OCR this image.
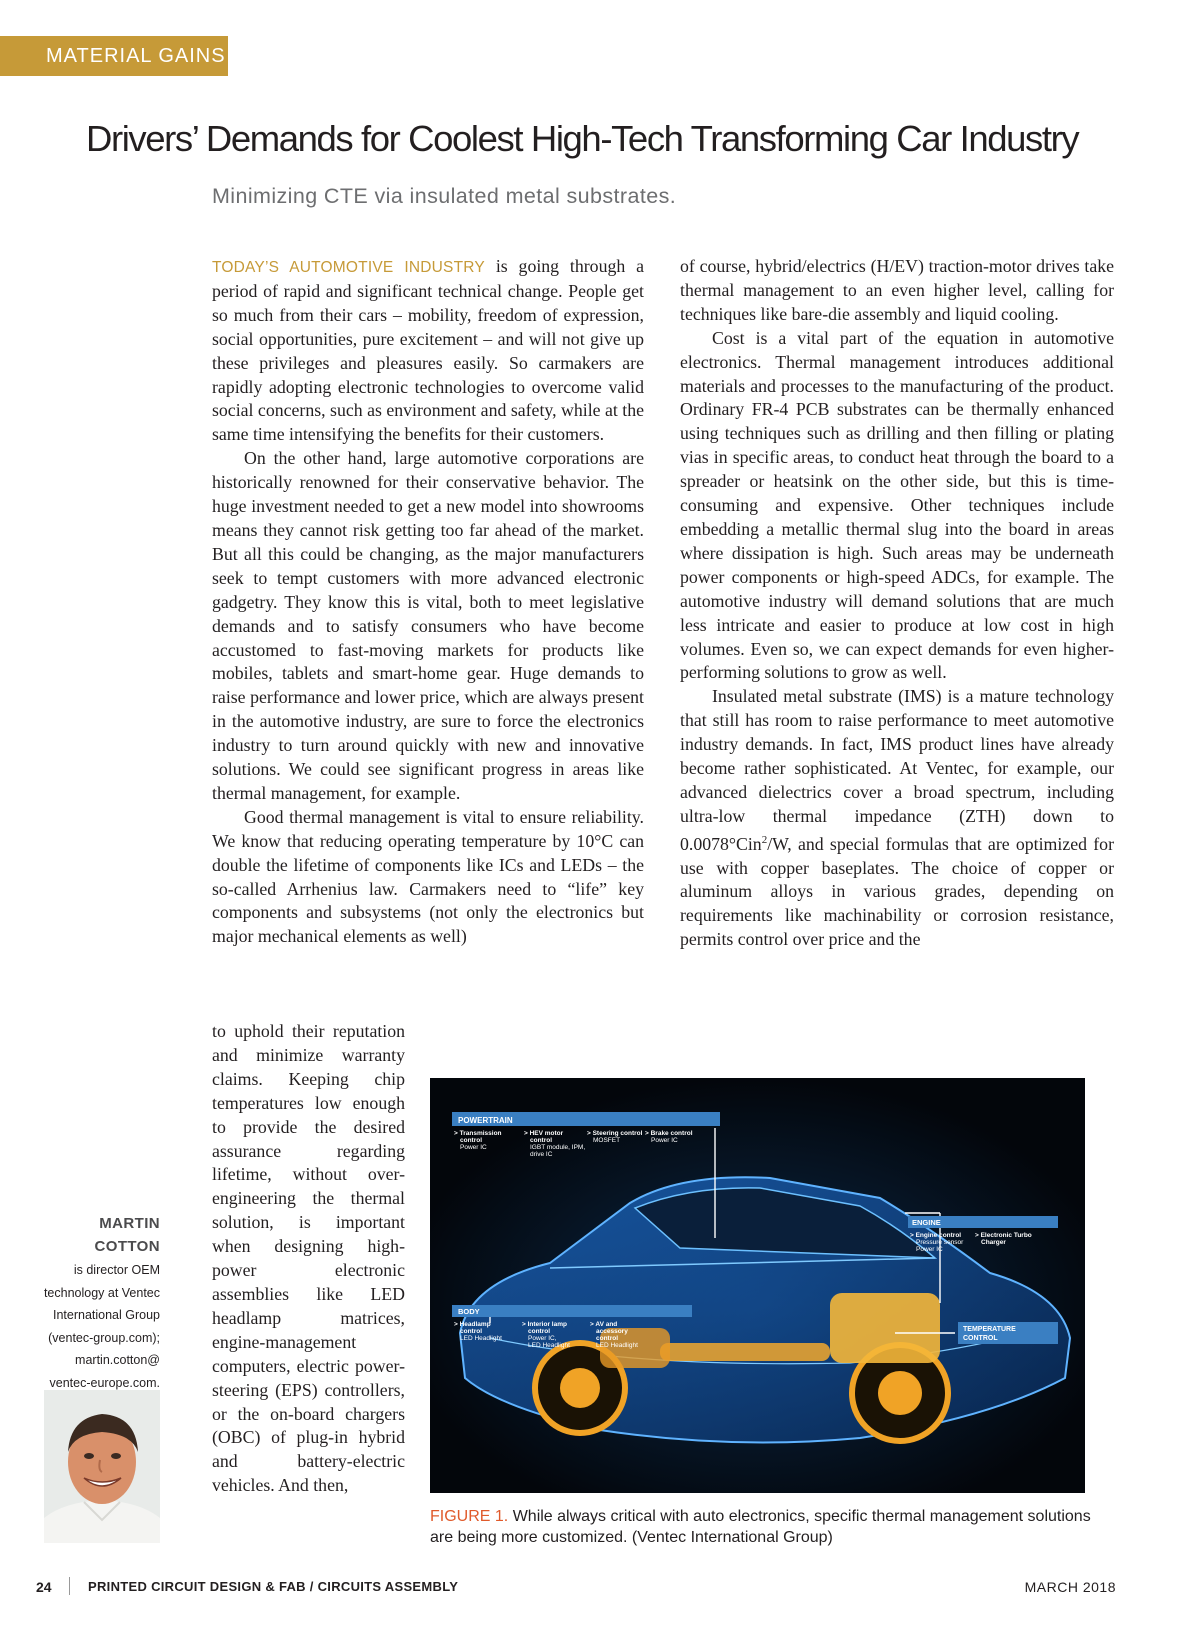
MATERIAL GAINS
Drivers’ Demands for Coolest High-Tech Transforming Car Industry
Minimizing CTE via insulated metal substrates.

TODAY’S AUTOMOTIVE INDUSTRY is going through a period of rapid and significant technical change. People get so much from their cars – mobility, freedom of expression, social opportunities, pure excitement – and will not give up these privileges and pleasures easily. So carmakers are rapidly adopting electronic technologies to overcome valid social concerns, such as environment and safety, while at the same time intensifying the benefits for their customers.

On the other hand, large automotive corporations are historically renowned for their conservative behavior. The huge investment needed to get a new model into showrooms means they cannot risk getting too far ahead of the market. But all this could be changing, as the major manufacturers seek to tempt customers with more advanced electronic gadgetry. They know this is vital, both to meet legislative demands and to satisfy consumers who have become accustomed to fast-moving markets for products like mobiles, tablets and smart-home gear. Huge demands to raise performance and lower price, which are always present in the automotive industry, are sure to force the electronics industry to turn around quickly with new and innovative solutions. We could see significant progress in areas like thermal management, for example.

Good thermal management is vital to ensure reliability. We know that reducing operating temperature by 10°C can double the lifetime of components like ICs and LEDs – the so-called Arrhenius law. Carmakers need to “life” key components and subsystems (not only the electronics but major mechanical elements as well)

to uphold their reputation and minimize warranty claims. Keeping chip temperatures low enough to provide the desired assurance regarding lifetime, without over-engineering the thermal solution, is important when designing high-power electronic assemblies like LED headlamp matrices, engine-management computers, electric power-steering (EPS) controllers, or the on-board chargers (OBC) of plug-in hybrid and battery-electric vehicles. And then,

of course, hybrid/electrics (H/EV) traction-motor drives take thermal management to an even higher level, calling for techniques like bare-die assembly and liquid cooling.

Cost is a vital part of the equation in automotive electronics. Thermal management introduces additional materials and processes to the manufacturing of the product. Ordinary FR-4 PCB substrates can be thermally enhanced using techniques such as drilling and then filling or plating vias in specific areas, to conduct heat through the board to a spreader or heatsink on the other side, but this is time-consuming and expensive. Other techniques include embedding a metallic thermal slug into the board in areas where dissipation is high. Such areas may be underneath power components or high-speed ADCs, for example. The automotive industry will demand solutions that are much less intricate and easier to produce at low cost in high volumes. Even so, we can expect demands for even higher-performing solutions to grow as well.

Insulated metal substrate (IMS) is a mature technology that still has room to raise performance to meet automotive industry demands. In fact, IMS product lines have already become rather sophisticated. At Ventec, for example, our advanced dielectrics cover a broad spectrum, including ultra-low thermal impedance (ZTH) down to 0.0078°Cin$^2$/W, and special formulas that are optimized for use with copper baseplates. The choice of copper or aluminum alloys in various grades, depending on requirements like machinability or corrosion resistance, permits control over price and the

MARTIN COTTON
is director OEM
technology at Ventec
International Group
(ventec-group.com);
martin.cotton@
ventec-europe.com.
POWERTRAIN
> Transmission
control
Power IC
> HEV motor
control
IGBT module, IPM,
drive IC
> Steering control
MOSFET
> Brake control
Power IC
ENGINE
> Engine control
Pressure sensor
Power IC
> Electronic Turbo
Charger
TEMPERATURE
CONTROL
BODY
> Headlamp
control
LED Headlight
> Interior lamp
control
Power IC,
LED Headlight
> AV and
accessory
control
LED Headlight
FIGURE 1. While always critical with auto electronics, specific thermal management solutions are being more customized. (Ventec International Group)
24	PRINTED CIRCUIT DESIGN & FAB / CIRCUITS ASSEMBLY	MARCH 2018
